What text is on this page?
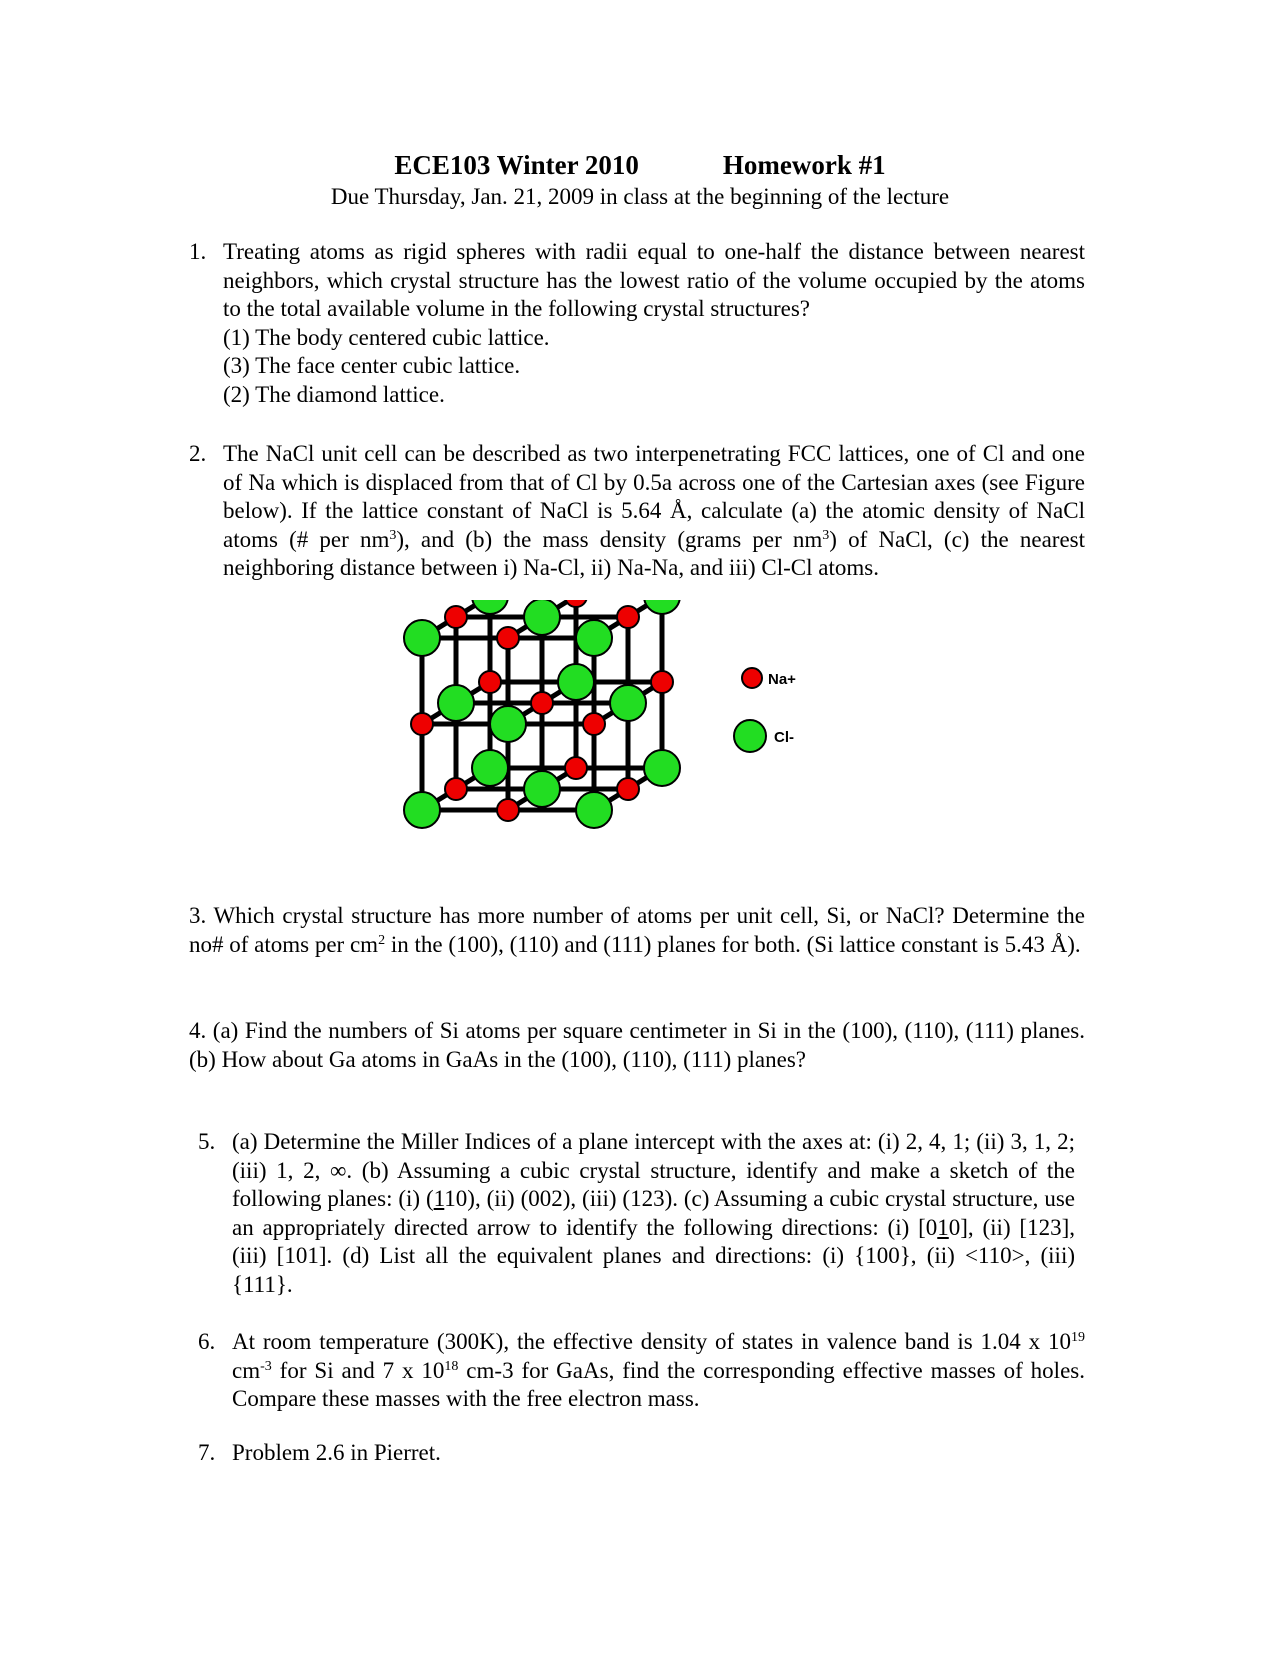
ECE103 Winter 2010	Homework #1
Due Thursday, Jan. 21, 2009 in class at the beginning of the lecture

1. Treating atoms as rigid spheres with radii equal to one-half the distance between nearest neighbors, which crystal structure has the lowest ratio of the volume occupied by the atoms to the total available volume in the following crystal structures?

(1) The body centered cubic lattice.

(3) The face center cubic lattice.

(2) The diamond lattice.

2. The NaCl unit cell can be described as two interpenetrating FCC lattices, one of Cl and one of Na which is displaced from that of Cl by 0.5a across one of the Cartesian axes (see Figure below). If the lattice constant of NaCl is 5.64 Å, calculate (a) the atomic density of NaCl atoms (# per $nm^3$), and (b) the mass density (grams per $nm^3$) of NaCl, (c) the nearest neighboring distance between i) Na-Cl, ii) Na-Na, and iii) Cl-Cl atoms.

Na+
Cl-

3. Which crystal structure has more number of atoms per unit cell, Si, or NaCl? Determine the no# of atoms per $cm^2$ in the (100), (110) and (111) planes for both. (Si lattice constant is 5.43 Å).

4. (a) Find the numbers of Si atoms per square centimeter in Si in the (100), (110), (111) planes. (b) How about Ga atoms in GaAs in the (100), (110), (111) planes?

5. (a) Determine the Miller Indices of a plane intercept with the axes at: (i) 2, 4, 1; (ii) 3, 1, 2; (iii) 1, 2, ∞. (b) Assuming a cubic crystal structure, identify and make a sketch of the following planes: (i) (110), (ii) (002), (iii) (123). (c) Assuming a cubic crystal structure, use an appropriately directed arrow to identify the following directions: (i) [010], (ii) [123], (iii) [101]. (d) List all the equivalent planes and directions: (i) {100}, (ii) <110>, (iii) {111}.

6. At room temperature (300K), the effective density of states in valence band is 1.04 x $10^{19}$ $cm^{-3}$ for Si and 7 x $10^{18}$ cm-3 for GaAs, find the corresponding effective masses of holes. Compare these masses with the free electron mass.

7. Problem 2.6 in Pierret.
